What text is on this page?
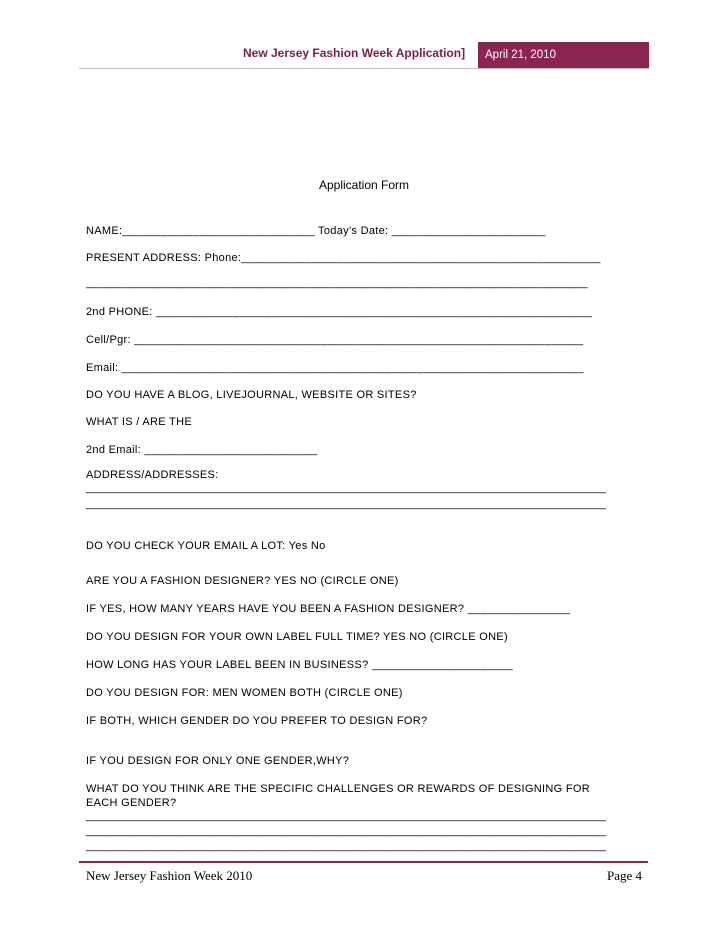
New Jersey Fashion Week Application]	April 21, 2010
Application Form
NAME:______________________________ Today’s Date: ________________________
PRESENT ADDRESS: Phone:________________________________________________________
__________________________________________________________________________________
2nd PHONE: ____________________________________________________________________
Cell/Pgr: ______________________________________________________________________
Email: ________________________________________________________________________
DO YOU HAVE A BLOG, LIVEJOURNAL, WEBSITE OR SITES?
WHAT IS / ARE THE
2nd Email: ___________________________
ADDRESS/ADDRESSES:
_____________________________________________________________________________________
_____________________________________________________________________________________
DO YOU CHECK YOUR EMAIL A LOT: Yes No
ARE YOU A FASHION DESIGNER? YES NO (CIRCLE ONE)
IF YES, HOW MANY YEARS HAVE YOU BEEN A FASHION DESIGNER? ________________
DO YOU DESIGN FOR YOUR OWN LABEL FULL TIME? YES NO (CIRCLE ONE)
HOW LONG HAS YOUR LABEL BEEN IN BUSINESS? ______________________
DO YOU DESIGN FOR: MEN WOMEN BOTH (CIRCLE ONE)
IF BOTH, WHICH GENDER DO YOU PREFER TO DESIGN FOR?
IF YOU DESIGN FOR ONLY ONE GENDER,WHY?
WHAT DO YOU THINK ARE THE SPECIFIC CHALLENGES OR REWARDS OF DESIGNING FOR
EACH GENDER?
_____________________________________________________________________________________
_____________________________________________________________________________________
_____________________________________________________________________________________
New Jersey Fashion Week 2010	Page 4
